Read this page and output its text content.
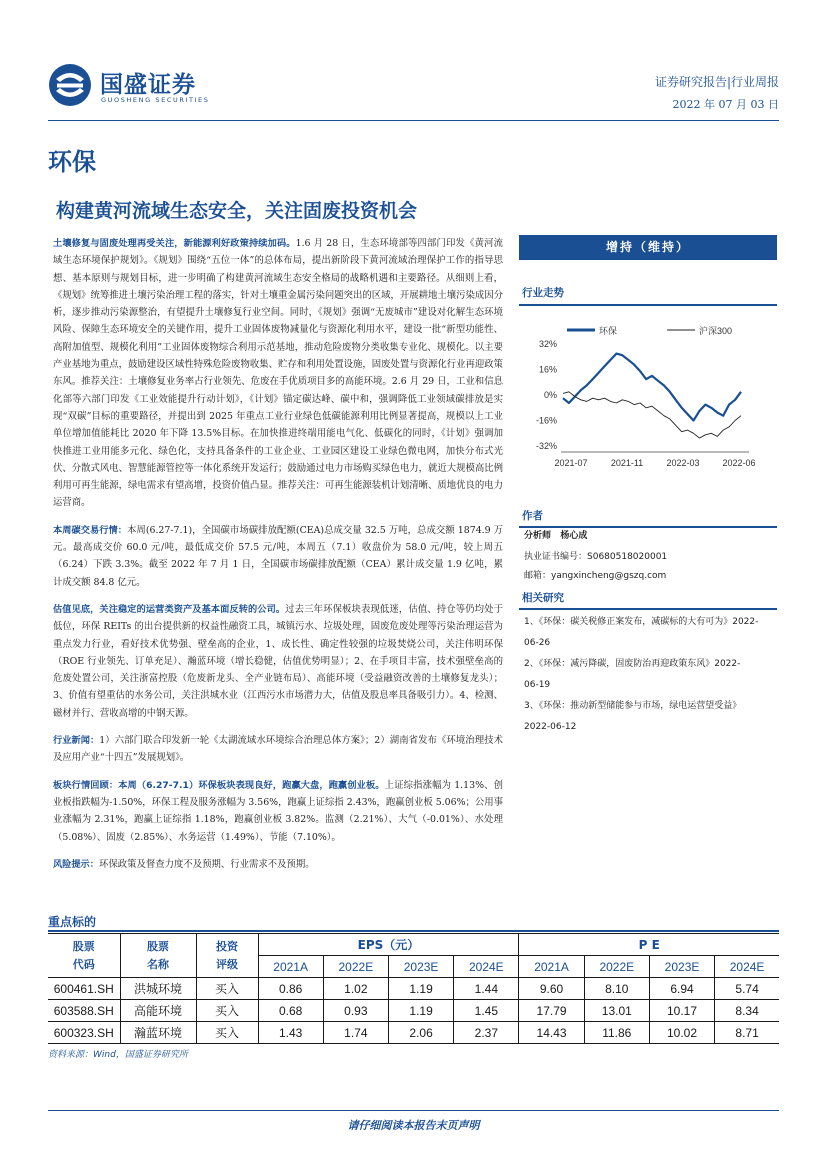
国盛证券
GUOSHENG SECURITIES
证券研究报告|行业周报
2022 年 07 月 03 日
环保
构建黄河流域生态安全，关注固废投资机会
土壤修复与固废处理再受关注，新能源利好政策持续加码。1.6 月 28 日，生态环境部等四部门印发《黄河流域生态环境保护规划》。《规划》围绕“五位一体”的总体布局，提出新阶段下黄河流域治理保护工作的指导思想、基本原则与规划目标，进一步明确了构建黄河流域生态安全格局的战略机遇和主要路径。从细则上看，《规划》统筹推进土壤污染治理工程的落实，针对土壤重金属污染问题突出的区域，开展耕地土壤污染成因分析，逐步推动污染源整治，有望提升土壤修复行业空间。同时，《规划》强调“无废城市”建设对化解生态环境风险、保障生态环境安全的关键作用，提升工业固体废物减量化与资源化利用水平，建设一批“新型功能性、高附加值型、规模化利用”工业固体废物综合利用示范基地，推动危险废物分类收集专业化、规模化。以主要产业基地为重点，鼓励建设区域性特殊危险废物收集、贮存和利用处置设施，固废处置与资源化行业再迎政策东风。推荐关注：土壤修复业务率占行业领先、危废在手优质项目多的高能环境。2.6 月 29 日，工业和信息化部等六部门印发《工业效能提升行动计划》，《计划》锚定碳达峰、碳中和，强调降低工业领域碳排放是实现“双碳”目标的重要路径，并提出到 2025 年重点工业行业绿色低碳能源利用比例显著提高，规模以上工业单位增加值能耗比 2020 年下降 13.5%目标。在加快推进终端用能电气化、低碳化的同时，《计划》强调加快推进工业用能多元化、绿色化，支持具备条件的工业企业、工业园区建设工业绿色微电网，加快分布式光伏、分散式风电、智慧能源管控等一体化系统开发运行；鼓励通过电力市场购买绿色电力，就近大规模高比例利用可再生能源，绿电需求有望高增，投资价值凸显。推荐关注：可再生能源装机计划清晰、质地优良的电力运营商。
本周碳交易行情：本周(6.27-7.1)，全国碳市场碳排放配额(CEA)总成交量 32.5 万吨，总成交额 1874.9 万元。最高成交价 60.0 元/吨，最低成交价 57.5 元/吨，本周五（7.1）收盘价为 58.0 元/吨，较上周五（6.24）下跌 3.3%。截至 2022 年 7 月 1 日，全国碳市场碳排放配额（CEA）累计成交量 1.9 亿吨，累计成交额 84.8 亿元。
估值见底，关注稳定的运营类资产及基本面反转的公司。过去三年环保板块表现低迷，估值、持仓等仍均处于低位，环保 REITs 的出台提供新的权益性融资工具，城镇污水、垃圾处理，固废危废处理等污染治理运营为重点发力行业，看好技术优势强、壁垒高的企业，1、成长性、确定性较强的垃圾焚烧公司，关注伟明环保（ROE 行业领先、订单充足）、瀚蓝环境（增长稳健，估值优势明显）；2、在手项目丰富，技术强壁垒高的危废处置公司，关注浙富控股（危废新龙头、全产业链布局）、高能环境（受益融资改善的土壤修复龙头）；3、价值有望重估的水务公司，关注洪城水业（江西污水市场潜力大，估值及股息率具备吸引力）。4、检测、磁材并行、营收高增的中钢天源。
行业新闻：1）六部门联合印发新一轮《太湖流域水环境综合治理总体方案》；2）湖南省发布《环境治理技术及应用产业“十四五”发展规划》。
板块行情回顾：本周（6.27-7.1）环保板块表现良好，跑赢大盘，跑赢创业板。上证综指涨幅为 1.13%、创业板指跌幅为-1.50%，环保工程及服务涨幅为 3.56%，跑赢上证综指 2.43%，跑赢创业板 5.06%；公用事业涨幅为 2.31%，跑赢上证综指 1.18%，跑赢创业板 3.82%。监测（2.21%）、大气（-0.01%）、水处理（5.08%）、固废（2.85%）、水务运营（1.49%）、节能（7.10%）。
风险提示：环保政策及督查力度不及预期、行业需求不及预期。
增持（维持）
行业走势
环保	沪深300
32%
16%
0%
-16%
-32%
2021-07	2021-11	2022-03	2022-06
作者
分析师 杨心成
执业证书编号：S0680518020001
邮箱：yangxincheng@gszq.com
相关研究
1、《环保：碳关税修正案发布，减碳标的大有可为》2022-
06-26
2、《环保：减污降碳，固废防治再迎政策东风》2022-
06-19
3、《环保：推动新型储能参与市场，绿电运营望受益》
2022-06-12
重点标的
股票代码	股票名称	投资评级	EPS（元）				P E			
			2021A	2022E	2023E	2024E	2021A	2022E	2023E	2024E
600461.SH	洪城环境	买入	0.86	1.02	1.19	1.44	9.60	8.10	6.94	5.74
603588.SH	高能环境	买入	0.68	0.93	1.19	1.45	17.79	13.01	10.17	8.34
600323.SH	瀚蓝环境	买入	1.43	1.74	2.06	2.37	14.43	11.86	10.02	8.71
资料来源：Wind，国盛证券研究所
请仔细阅读本报告末页声明
